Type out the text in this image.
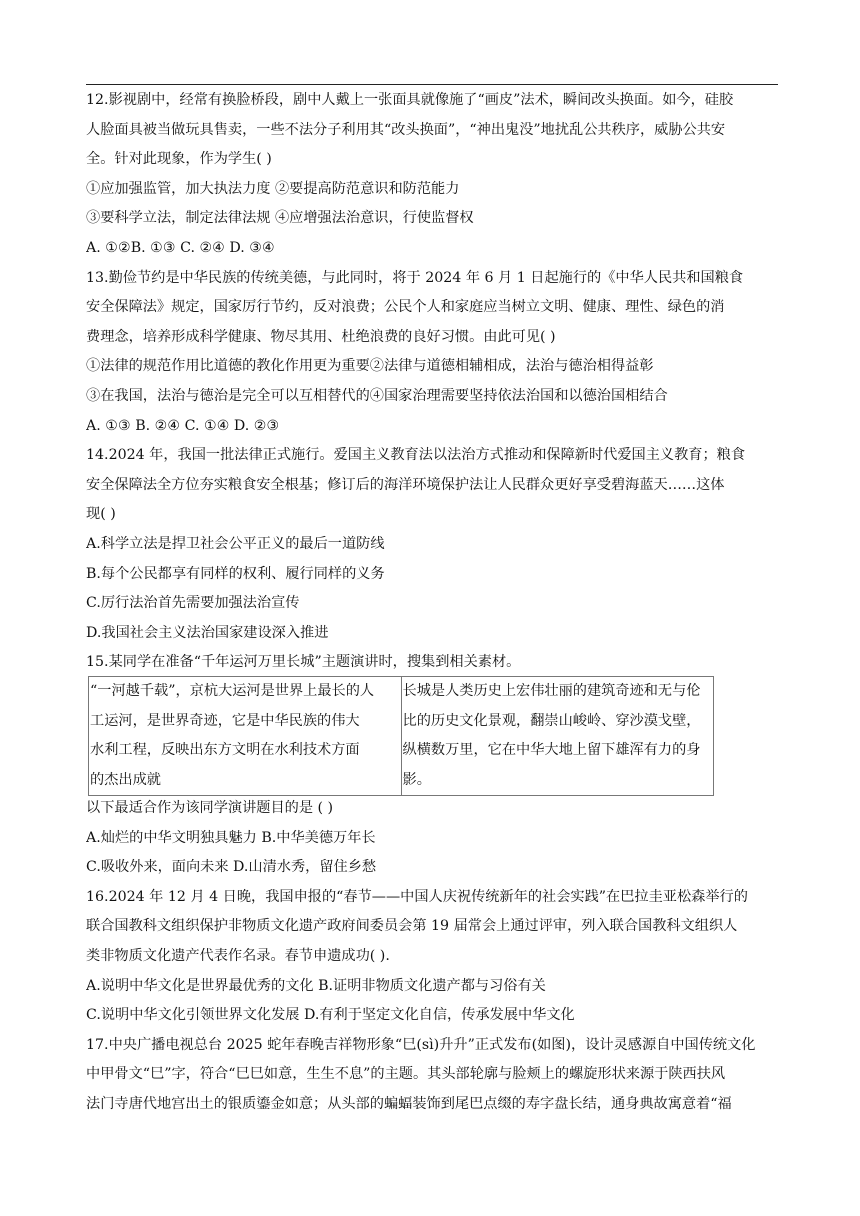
12.影视剧中，经常有换脸桥段，剧中人戴上一张面具就像施了“画皮”法术，瞬间改头换面。如今，硅胶
人脸面具被当做玩具售卖，一些不法分子利用其“改头换面”，“神出鬼没”地扰乱公共秩序，威胁公共安
全。针对此现象，作为学生( )
①应加强监管，加大执法力度 ②要提高防范意识和防范能力
③要科学立法，制定法律法规 ④应增强法治意识，行使监督权
A. ①②B. ①③ C. ②④ D. ③④
13.勤俭节约是中华民族的传统美德，与此同时，将于 2024 年 6 月 1 日起施行的《中华人民共和国粮食
安全保障法》规定，国家厉行节约，反对浪费；公民个人和家庭应当树立文明、健康、理性、绿色的消
费理念，培养形成科学健康、物尽其用、杜绝浪费的良好习惯。由此可见( )
①法律的规范作用比道德的教化作用更为重要②法律与道德相辅相成，法治与德治相得益彰
③在我国，法治与德治是完全可以互相替代的④国家治理需要坚持依法治国和以德治国相结合
A. ①③ B. ②④ C. ①④ D. ②③
14.2024 年，我国一批法律正式施行。爱国主义教育法以法治方式推动和保障新时代爱国主义教育；粮食
安全保障法全方位夯实粮食安全根基；修订后的海洋环境保护法让人民群众更好享受碧海蓝天……这体
现( )
A.科学立法是捍卫社会公平正义的最后一道防线
B.每个公民都享有同样的权利、履行同样的义务
C.厉行法治首先需要加强法治宣传
D.我国社会主义法治国家建设深入推进
15.某同学在准备“千年运河万里长城”主题演讲时，搜集到相关素材。
“一河越千载”，京杭大运河是世界上最长的人
工运河，是世界奇迹，它是中华民族的伟大
水利工程，反映出东方文明在水利技术方面
的杰出成就

长城是人类历史上宏伟壮丽的建筑奇迹和无与伦
比的历史文化景观，翻崇山峻岭、穿沙漠戈壁，
纵横数万里，它在中华大地上留下雄浑有力的身
影。
以下最适合作为该同学演讲题目的是 ( )
A.灿烂的中华文明独具魅力 B.中华美德万年长
C.吸收外来，面向未来 D.山清水秀，留住乡愁
16.2024 年 12 月 4 日晚，我国申报的“春节——中国人庆祝传统新年的社会实践”在巴拉圭亚松森举行的
联合国教科文组织保护非物质文化遗产政府间委员会第 19 届常会上通过评审，列入联合国教科文组织人
类非物质文化遗产代表作名录。春节申遗成功( ).
A.说明中华文化是世界最优秀的文化 B.证明非物质文化遗产都与习俗有关
C.说明中华文化引领世界文化发展 D.有利于坚定文化自信，传承发展中华文化
17.中央广播电视总台 2025 蛇年春晚吉祥物形象“巳(sì)升升”正式发布(如图)，设计灵感源自中国传统文化
中甲骨文“巳”字，符合“巳巳如意，生生不息”的主题。其头部轮廓与脸颊上的螺旋形状来源于陕西扶风
法门寺唐代地宫出土的银质鎏金如意；从头部的蝙蝠装饰到尾巴点缀的寿字盘长结，通身典故寓意着“福
